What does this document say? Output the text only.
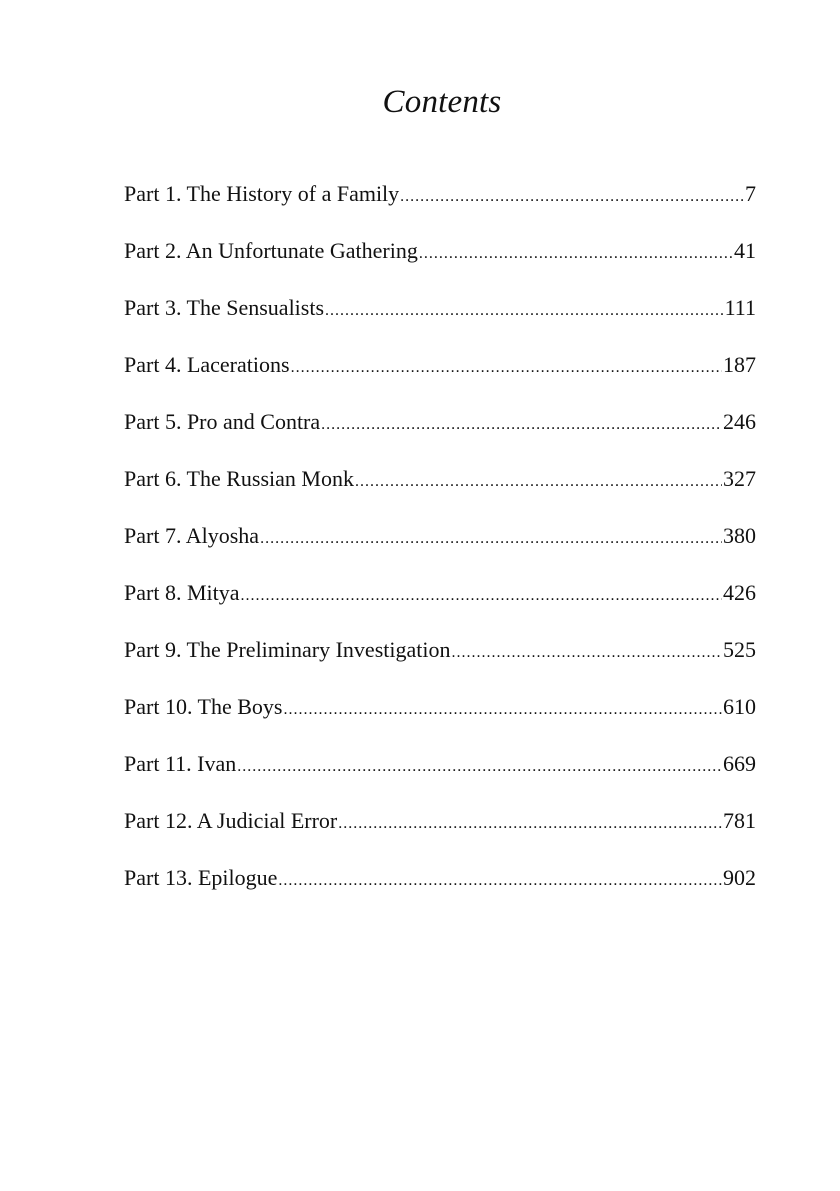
Contents
Part 1. The History of a Family .....	7
Part 2. An Unfortunate Gathering .....	41
Part 3. The Sensualists .....	111
Part 4. Lacerations .....	187
Part 5. Pro and Contra .....	246
Part 6. The Russian Monk .....	327
Part 7. Alyosha .....	380
Part 8. Mitya .....	426
Part 9. The Preliminary Investigation .....	525
Part 10. The Boys .....	610
Part 11. Ivan .....	669
Part 12. A Judicial Error .....	781
Part 13. Epilogue .....	902
